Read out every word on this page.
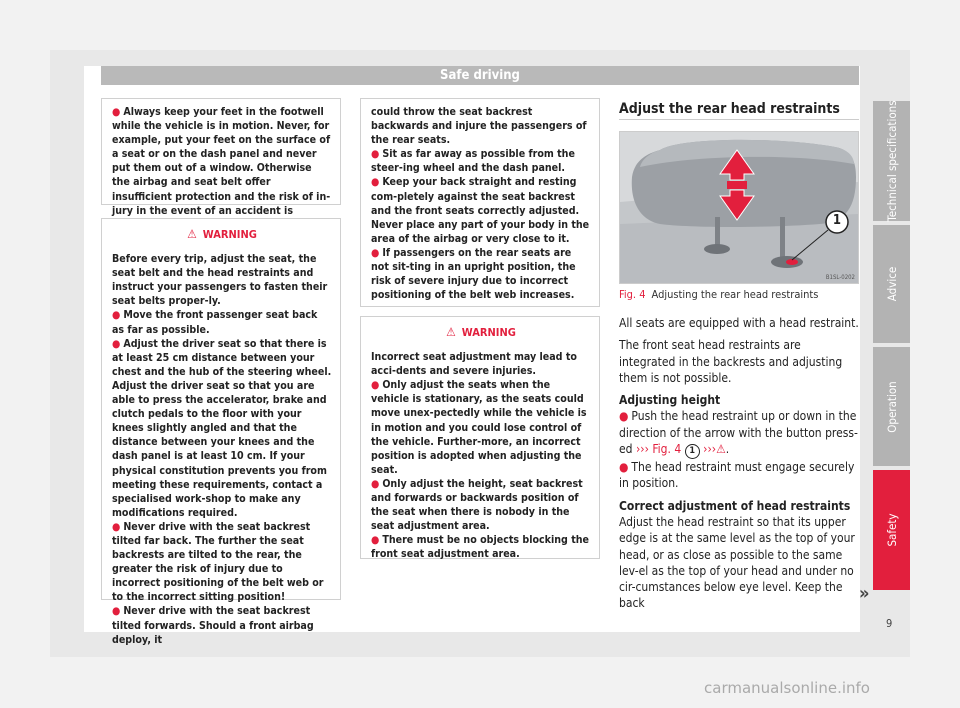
Safe driving

● Always keep your feet in the footwell while the vehicle is in motion. Never, for example, put your feet on the surface of a seat or on the dash panel and never put them out of a window. Otherwise the airbag and seat belt offer insufficient protection and the risk of in-jury in the event of an accident is

⚠ WARNING

Before every trip, adjust the seat, the seat belt and the head restraints and instruct your passengers to fasten their seat belts proper-ly.

● Move the front passenger seat back as far as possible.

● Adjust the driver seat so that there is at least 25 cm distance between your chest and the hub of the steering wheel. Adjust the driver seat so that you are able to press the accelerator, brake and clutch pedals to the floor with your knees slightly angled and that the distance between your knees and the dash panel is at least 10 cm. If your physical constitution prevents you from meeting these requirements, contact a specialised work-shop to make any modifications required.

● Never drive with the seat backrest tilted far back. The further the seat backrests are tilted to the rear, the greater the risk of injury due to incorrect positioning of the belt web or to the incorrect sitting position!

● Never drive with the seat backrest tilted forwards. Should a front airbag deploy, it

could throw the seat backrest backwards and injure the passengers of the rear seats.

● Sit as far away as possible from the steer-ing wheel and the dash panel.

● Keep your back straight and resting com-pletely against the seat backrest and the front seats correctly adjusted. Never place any part of your body in the area of the airbag or very close to it.

● If passengers on the rear seats are not sit-ting in an upright position, the risk of severe injury due to incorrect positioning of the belt web increases.

⚠ WARNING

Incorrect seat adjustment may lead to acci-dents and severe injuries.

● Only adjust the seats when the vehicle is stationary, as the seats could move unex-pectedly while the vehicle is in motion and you could lose control of the vehicle. Further-more, an incorrect position is adopted when adjusting the seat.

● Only adjust the height, seat backrest and forwards or backwards position of the seat when there is nobody in the seat adjustment area.

● There must be no objects blocking the front seat adjustment area.

Adjust the rear head restraints
1
B1SL-0202
Fig. 4 Adjusting the rear head restraints

All seats are equipped with a head restraint.

The front seat head restraints are integrated in the backrests and adjusting them is not possible.

Adjusting height

● Push the head restraint up or down in the direction of the arrow with the button press-ed ››› Fig. 4 1 ›››⚠.

● The head restraint must engage securely in position.

Correct adjustment of head restraints

Adjust the head restraint so that its upper edge is at the same level as the top of your head, or as close as possible to the same lev-el as the top of your head and under no cir-cumstances below eye level. Keep the back

Technical specifications
Advice
Operation
Safety
»
9
carmanualsonline.info
